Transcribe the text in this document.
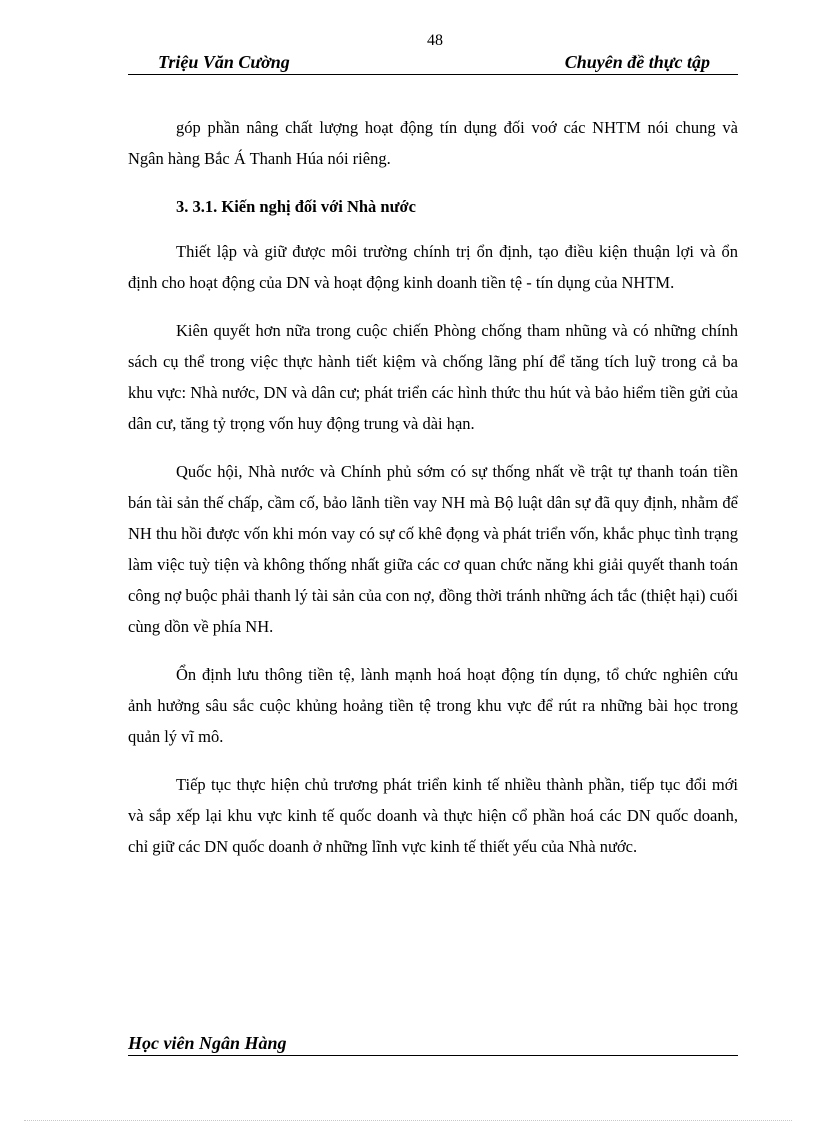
48
Triệu Văn Cường	Chuyên đề thực tập

góp phần nâng chất lượng hoạt động tín dụng đối voớ các NHTM nói chung và Ngân hàng Bắc Á Thanh Húa nói riêng.

3. 3.1. Kiến nghị đối với Nhà nước

Thiết lập và giữ được môi trường chính trị ổn định, tạo điều kiện thuận lợi và ổn định cho hoạt động của DN và hoạt động kinh doanh tiền tệ - tín dụng của NHTM.

Kiên quyết hơn nữa trong cuộc chiến Phòng chống tham nhũng và có những chính sách cụ thể trong việc thực hành tiết kiệm và chống lãng phí để tăng tích luỹ trong cả ba khu vực: Nhà nước, DN và dân cư; phát triển các hình thức thu hút và bảo hiểm tiền gửi của dân cư, tăng tỷ trọng vốn huy động trung và dài hạn.

Quốc hội, Nhà nước và Chính phủ sớm có sự thống nhất về trật tự thanh toán tiền bán tài sản thế chấp, cầm cố, bảo lãnh tiền vay NH mà Bộ luật dân sự đã quy định, nhằm để NH thu hồi được vốn khi món vay có sự cố khê đọng và phát triển vốn, khắc phục tình trạng làm việc tuỳ tiện và không thống nhất giữa các cơ quan chức năng khi giải quyết thanh toán công nợ buộc phải thanh lý tài sản của con nợ, đồng thời tránh những ách tắc (thiệt hại) cuối cùng dồn về phía NH.

Ổn định lưu thông tiền tệ, lành mạnh hoá hoạt động tín dụng, tổ chức nghiên cứu ảnh hưởng sâu sắc cuộc khủng hoảng tiền tệ trong khu vực để rút ra những bài học trong quản lý vĩ mô.

Tiếp tục thực hiện chủ trương phát triển kinh tế nhiều thành phần, tiếp tục đổi mới và sắp xếp lại khu vực kinh tế quốc doanh và thực hiện cổ phần hoá các DN quốc doanh, chỉ giữ các DN quốc doanh ở những lĩnh vực kinh tế thiết yếu của Nhà nước.

Học viên Ngân Hàng
